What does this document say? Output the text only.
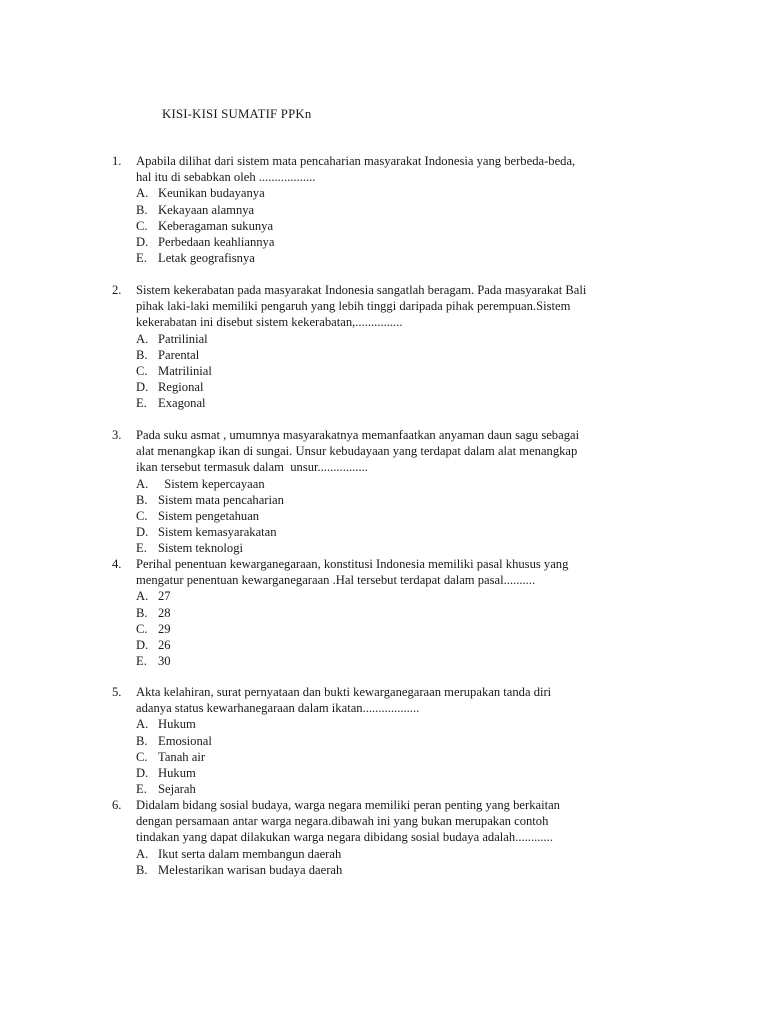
KISI-KISI SUMATIF PPKn
1. Apabila dilihat dari sistem mata pencaharian masyarakat Indonesia yang berbeda-beda,
hal itu di sebabkan oleh ..................
A. Keunikan budayanya
B. Kekayaan alamnya
C. Keberagaman sukunya
D. Perbedaan keahliannya
E. Letak geografisnya
2. Sistem kekerabatan pada masyarakat Indonesia sangatlah beragam. Pada masyarakat Bali
pihak laki-laki memiliki pengaruh yang lebih tinggi daripada pihak perempuan.Sistem
kekerabatan ini disebut sistem kekerabatan,...............
A. Patrilinial
B. Parental
C. Matrilinial
D. Regional
E. Exagonal
3. Pada suku asmat , umumnya masyarakatnya memanfaatkan anyaman daun sagu sebagai
alat menangkap ikan di sungai. Unsur kebudayaan yang terdapat dalam alat menangkap
ikan tersebut termasuk dalam  unsur................
A. Sistem kepercayaan
B. Sistem mata pencaharian
C. Sistem pengetahuan
D. Sistem kemasyarakatan
E. Sistem teknologi
4. Perihal penentuan kewarganegaraan, konstitusi Indonesia memiliki pasal khusus yang
mengatur penentuan kewarganegaraan .Hal tersebut terdapat dalam pasal..........
A. 27
B. 28
C. 29
D. 26
E. 30
5. Akta kelahiran, surat pernyataan dan bukti kewarganegaraan merupakan tanda diri
adanya status kewarhanegaraan dalam ikatan..................
A. Hukum
B. Emosional
C. Tanah air
D. Hukum
E. Sejarah
6. Didalam bidang sosial budaya, warga negara memiliki peran penting yang berkaitan
dengan persamaan antar warga negara.dibawah ini yang bukan merupakan contoh
tindakan yang dapat dilakukan warga negara dibidang sosial budaya adalah............
A. Ikut serta dalam membangun daerah
B. Melestarikan warisan budaya daerah
